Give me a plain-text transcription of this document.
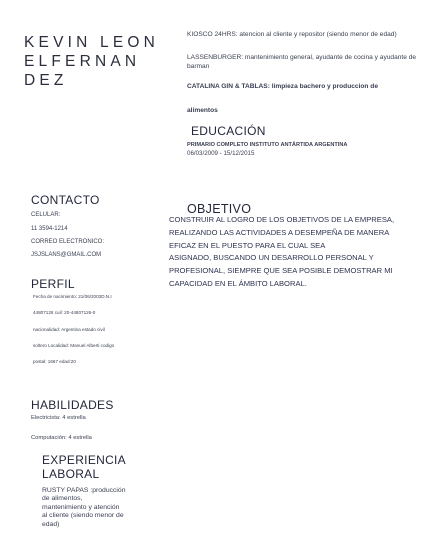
KEVIN LEON
ELFERNAN
DEZ
KIOSCO 24HRS: atencion al cliente y repositor (siendo menor de edad)
LASSENBURGER: mantenimiento general, ayudante de cocina y ayudante de barman
CATALINA GIN & TABLAS: limpieza bachero y produccion de
alimentos
EDUCACIÓN
PRIMARIO COMPLETO INSTITUTO ANTÁRTIDA ARGENTINA
06/03/2009 - 15/12/2015
CONTACTO
CELULAR:
11 3594-1214
CORREO ELECTRONICO:
JSJSLANS@GMAIL.COM
OBJETIVO
CONSTRUIR AL LOGRO DE LOS OBJETIVOS DE LA EMPRESA,
REALIZANDO LAS ACTIVIDADES A DESEMPEÑA DE MANERA
EFICAZ EN EL PUESTO PARA EL CUAL SEA
ASIGNADO, BUSCANDO UN DESARROLLO PERSONAL Y
PROFESIONAL, SIEMPRE QUE SEA POSIBLE DEMOSTRAR MI
CAPACIDAD EN EL ÁMBITO LABORAL.
PERFIL
Fecha de nacimiento: 21/06/2003D.N.I
44807126 cuil: 20-44807126-0
nacionalidad: Argentina estado civil
soltero Localidad: Manuel Alberti codigo
postal: 1667 edad:20
HABILIDADES
Electricista: 4 estrella
Computación: 4 estrella
EXPERIENCIA
LABORAL
RUSTY PAPAS :producción
de alimentos,
mantenimiento y atención
al cliente (siendo menor de
edad)
